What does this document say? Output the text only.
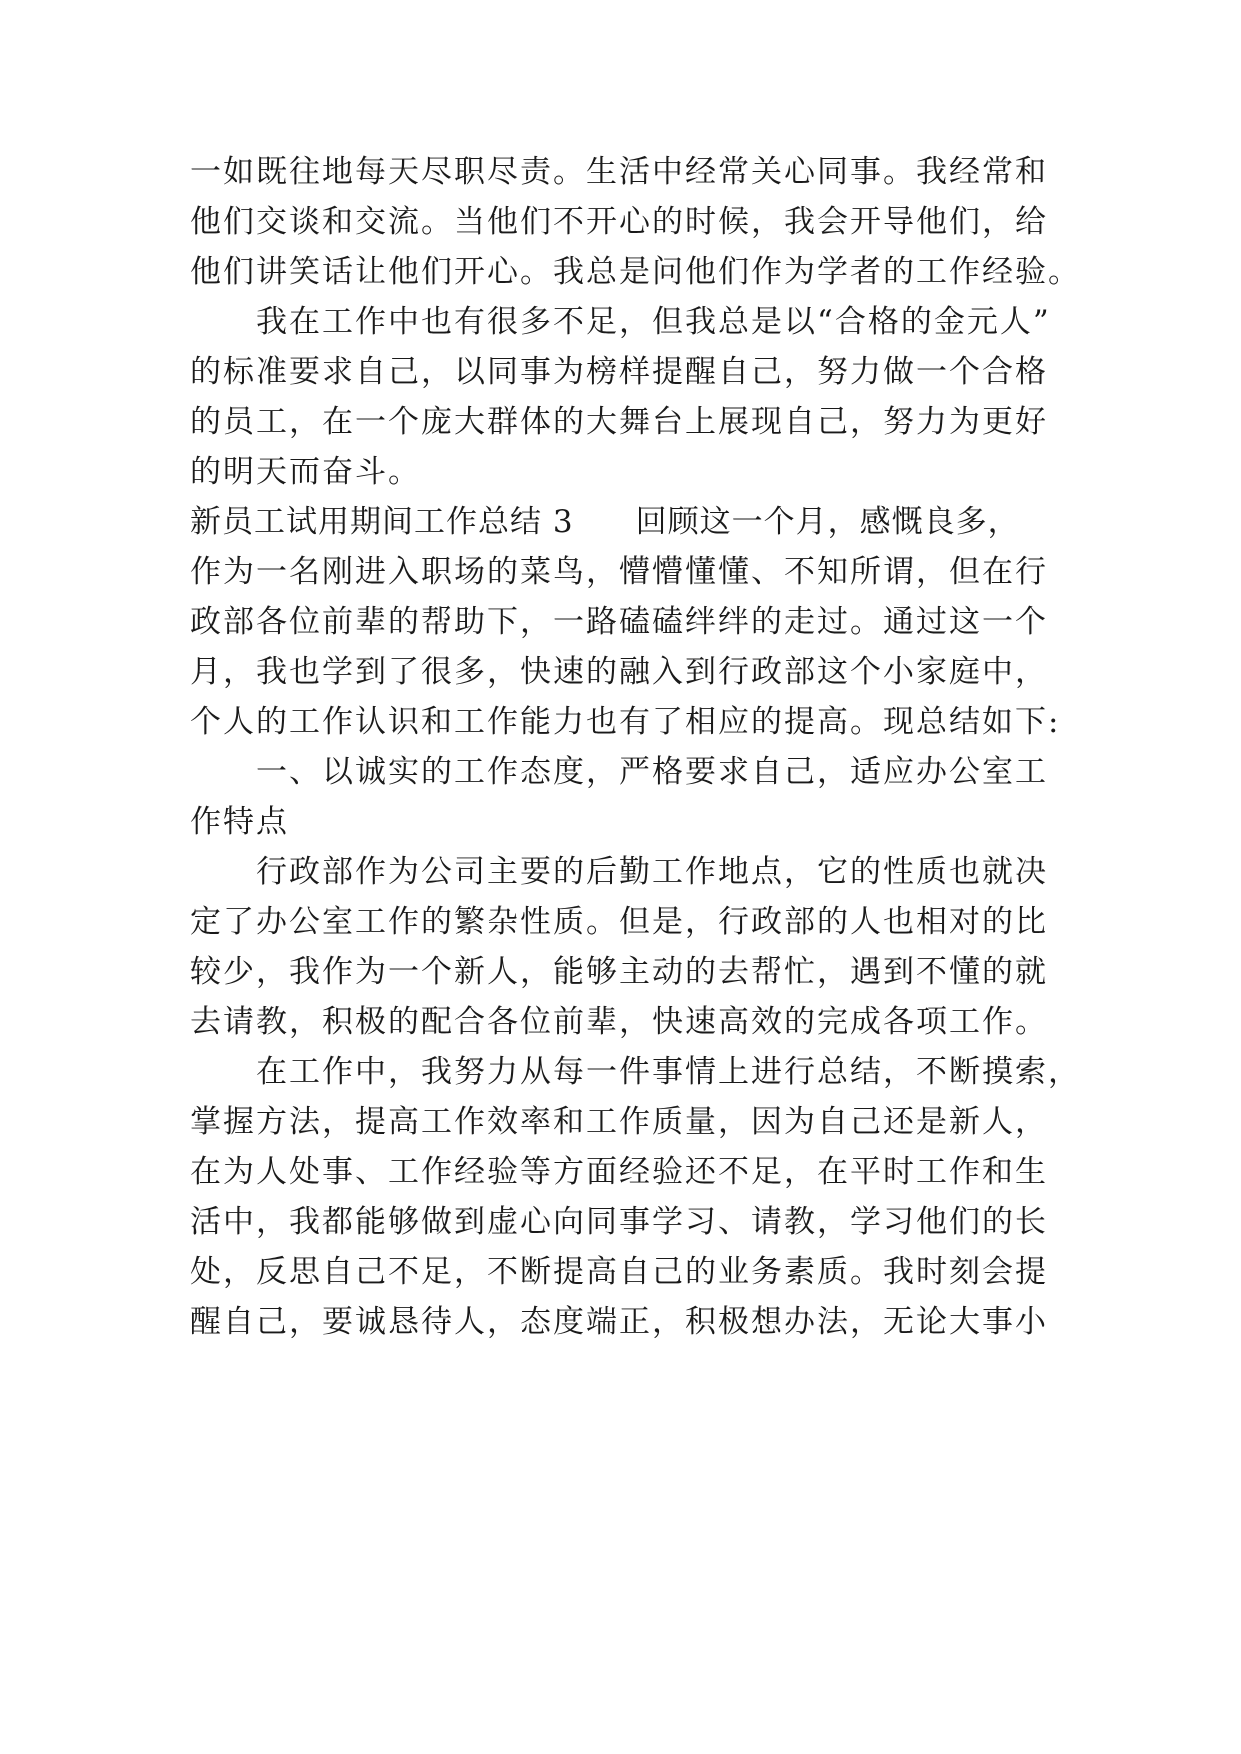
一如既往地每天尽职尽责。生活中经常关心同事。我经常和
他们交谈和交流。当他们不开心的时候，我会开导他们，给
他们讲笑话让他们开心。我总是问他们作为学者的工作经验。
　　我在工作中也有很多不足，但我总是以“合格的金元人”
的标准要求自己，以同事为榜样提醒自己，努力做一个合格
的员工，在一个庞大群体的大舞台上展现自己，努力为更好
的明天而奋斗。
新员工试用期间工作总结 3 回顾这一个月，感慨良多，
作为一名刚进入职场的菜鸟，懵懵懂懂、不知所谓，但在行
政部各位前辈的帮助下，一路磕磕绊绊的走过。通过这一个
月，我也学到了很多，快速的融入到行政部这个小家庭中，
个人的工作认识和工作能力也有了相应的提高。现总结如下:
　　一、以诚实的工作态度，严格要求自己，适应办公室工
作特点
　　行政部作为公司主要的后勤工作地点，它的性质也就决
定了办公室工作的繁杂性质。但是，行政部的人也相对的比
较少，我作为一个新人，能够主动的去帮忙，遇到不懂的就
去请教，积极的配合各位前辈，快速高效的完成各项工作。
　　在工作中，我努力从每一件事情上进行总结，不断摸索，
掌握方法，提高工作效率和工作质量，因为自己还是新人，
在为人处事、工作经验等方面经验还不足，在平时工作和生
活中，我都能够做到虚心向同事学习、请教，学习他们的长
处，反思自己不足，不断提高自己的业务素质。我时刻会提
醒自己，要诚恳待人，态度端正，积极想办法，无论大事小
